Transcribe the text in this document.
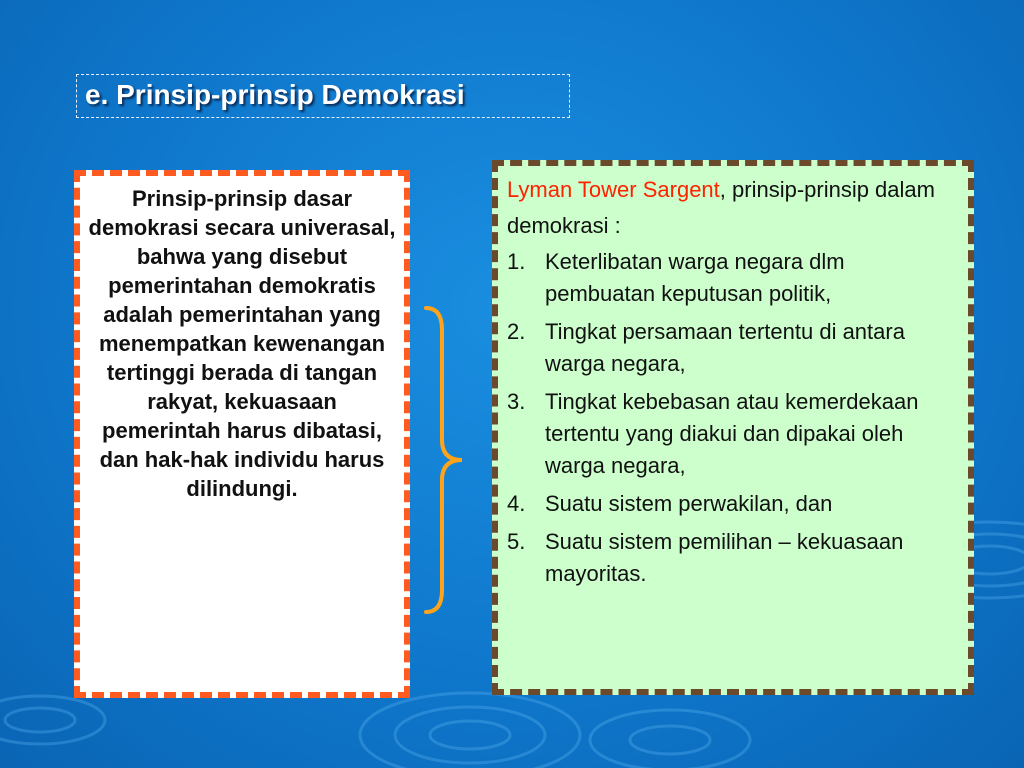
e. Prinsip-prinsip Demokrasi
Prinsip-prinsip dasar demokrasi secara univerasal, bahwa yang disebut pemerintahan demokratis adalah pemerintahan yang menempatkan kewenangan tertinggi berada di tangan rakyat, kekuasaan pemerintah harus dibatasi, dan hak-hak individu harus dilindungi.
Lyman Tower Sargent, prinsip-prinsip dalam demokrasi :
1. Keterlibatan warga negara dlm pembuatan keputusan politik,
2. Tingkat persamaan tertentu di antara warga negara,
3. Tingkat kebebasan atau kemerdekaan tertentu yang diakui dan dipakai oleh warga negara,
4. Suatu sistem perwakilan, dan
5. Suatu sistem pemilihan – kekuasaan mayoritas.
